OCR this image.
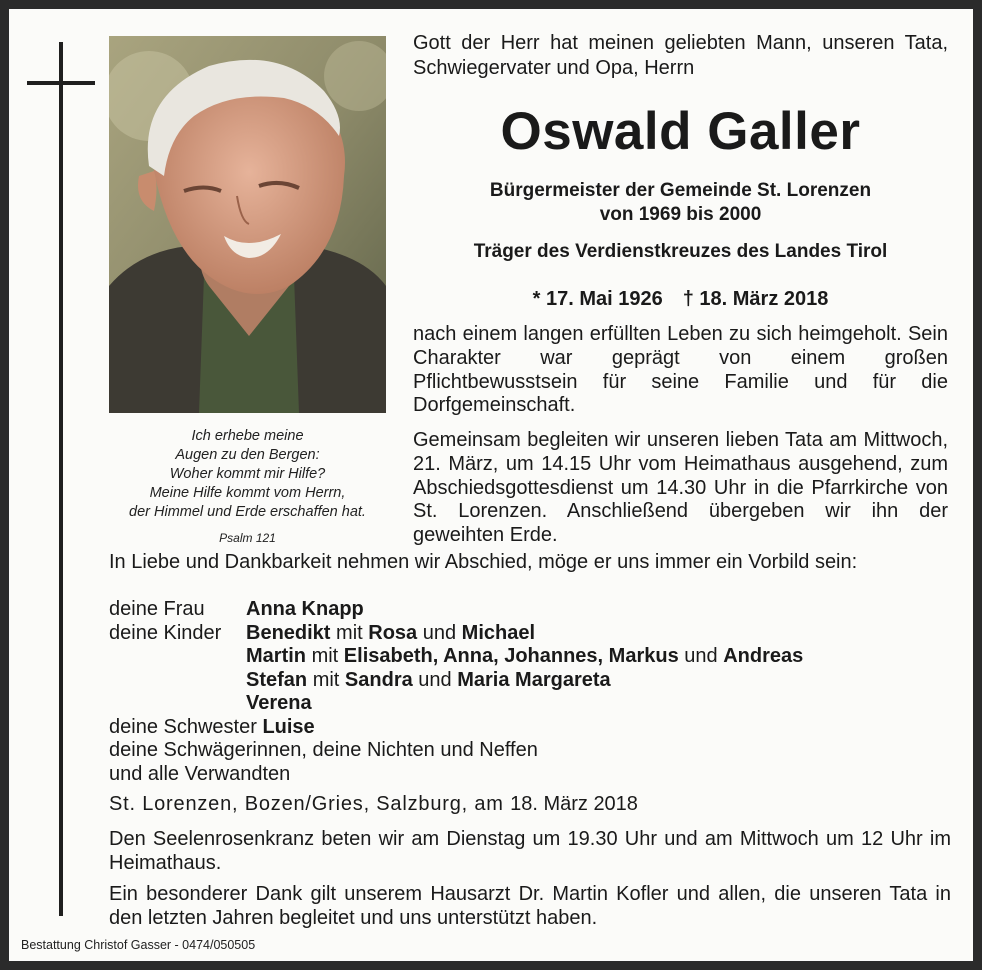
Ich erhebe meine
Augen zu den Bergen:
Woher kommt mir Hilfe?
Meine Hilfe kommt vom Herrn,
der Himmel und Erde erschaffen hat.
Psalm 121
Gott der Herr hat meinen geliebten Mann, unseren Tata, Schwiegervater und Opa, Herrn
Oswald Galler
Bürgermeister der Gemeinde St. Lorenzen
von 1969 bis 2000
Träger des Verdienstkreuzes des Landes Tirol
* 17. Mai 1926 † 18. März 2018
nach einem langen erfüllten Leben zu sich heimgeholt. Sein Charakter war geprägt von einem großen Pflichtbewusstsein für seine Familie und für die Dorfgemeinschaft.
Gemeinsam begleiten wir unseren lieben Tata am Mittwoch, 21. März, um 14.15 Uhr vom Heimathaus ausgehend, zum Abschiedsgottesdienst um 14.30 Uhr in die Pfarrkirche von St. Lorenzen. Anschließend übergeben wir ihn der geweihten Erde.
In Liebe und Dankbarkeit nehmen wir Abschied, möge er uns immer ein Vorbild sein:
deine Frau Anna Knapp
deine Kinder Benedikt mit Rosa und Michael
Martin mit Elisabeth, Anna, Johannes, Markus und Andreas
Stefan mit Sandra und Maria Margareta
Verena
deine Schwester Luise
deine Schwägerinnen, deine Nichten und Neffen
und alle Verwandten
St. Lorenzen, Bozen/Gries, Salzburg, am 18. März 2018
Den Seelenrosenkranz beten wir am Dienstag um 19.30 Uhr und am Mittwoch um 12 Uhr im Heimathaus.
Ein besonderer Dank gilt unserem Hausarzt Dr. Martin Kofler und allen, die unseren Tata in den letzten Jahren begleitet und uns unterstützt haben.
Bestattung Christof Gasser - 0474/050505
